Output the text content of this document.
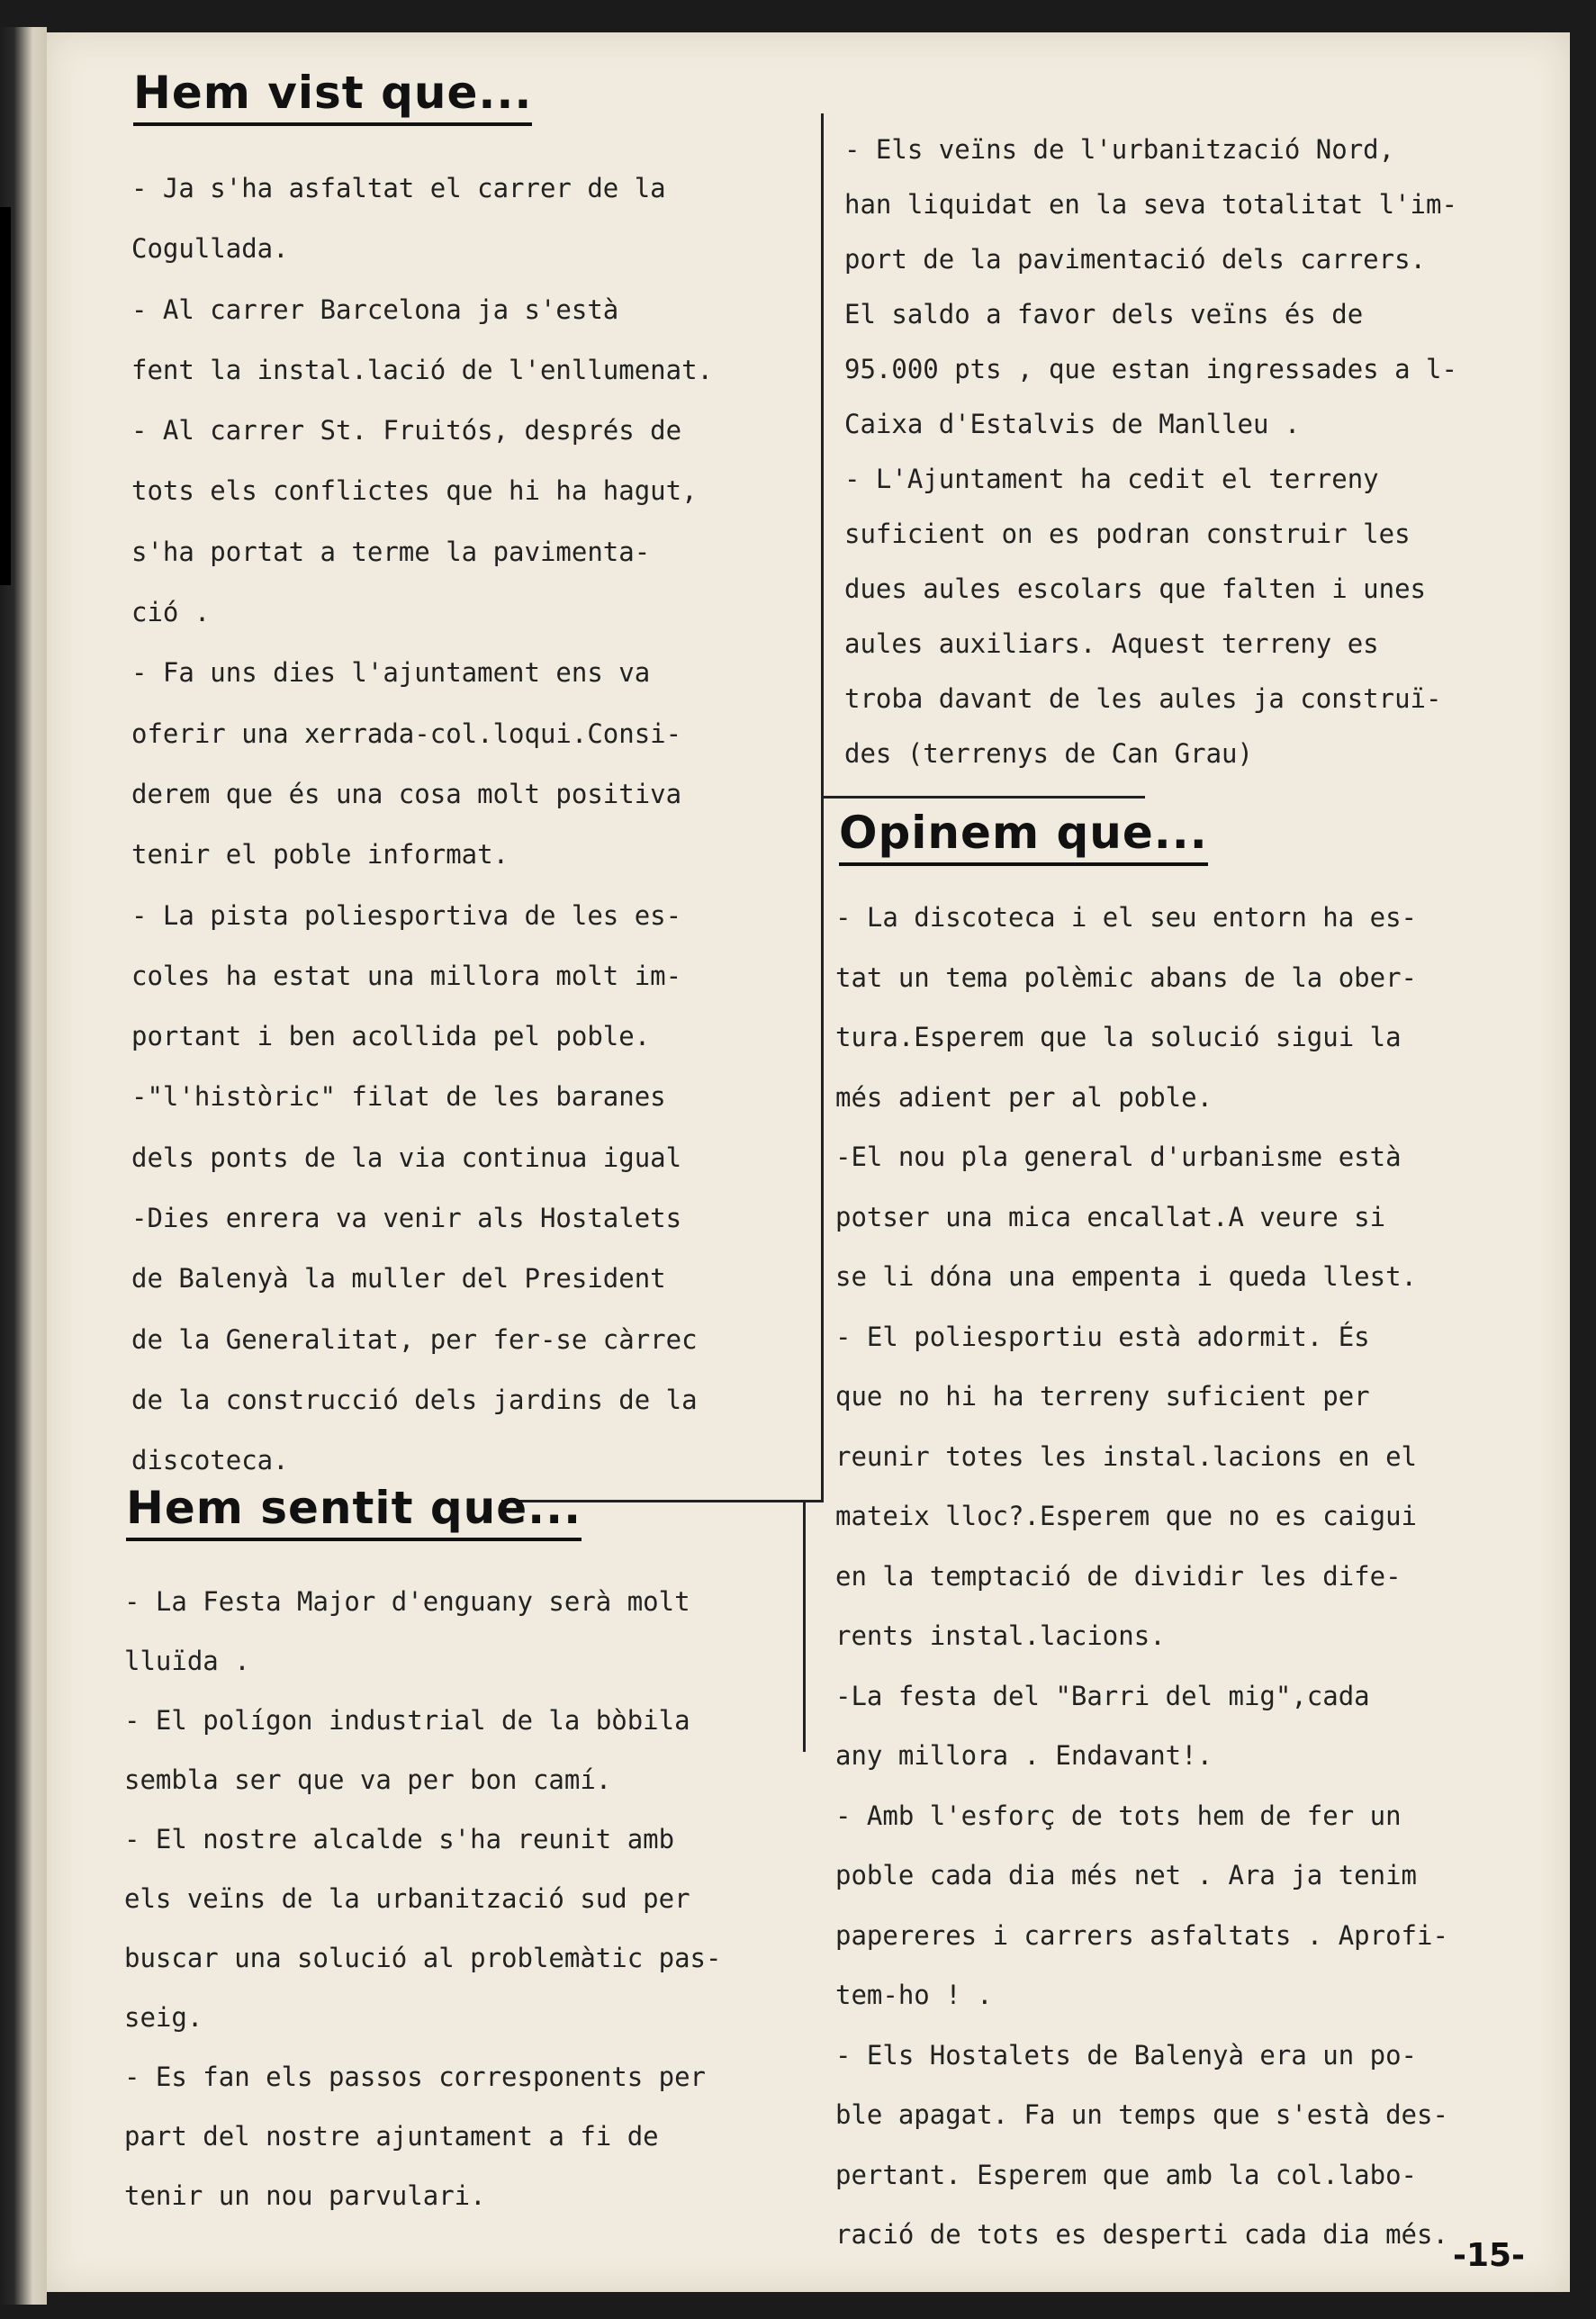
Hem vist que...
- Ja s'ha asfaltat el carrer de la
Cogullada.
- Al carrer Barcelona ja s'està
fent la instal.lació de l'enllumenat.
- Al carrer St. Fruitós, després de
tots els conflictes que hi ha hagut,
s'ha portat a terme la pavimenta-
ció .
- Fa uns dies l'ajuntament ens va
oferir una xerrada-col.loqui.Consi-
derem que és una cosa molt positiva
tenir el poble informat.
- La pista poliesportiva de les es-
coles ha estat una millora molt im-
portant i ben acollida pel poble.
-"l'històric" filat de les baranes
dels ponts de la via continua igual
-Dies enrera va venir als Hostalets
de Balenyà la muller del President
de la Generalitat, per fer-se càrrec
de la construcció dels jardins de la
discoteca.
Hem sentit que...
- La Festa Major d'enguany serà molt
lluïda .
- El polígon industrial de la bòbila
sembla ser que va per bon camí.
- El nostre alcalde s'ha reunit amb
els veïns de la urbanització sud per
buscar una solució al problemàtic pas-
seig.
- Es fan els passos corresponents per
part del nostre ajuntament a fi de
tenir un nou parvulari.
- Els veïns de l'urbanització Nord,
han liquidat en la seva totalitat l'im-
port de la pavimentació dels carrers.
El saldo a favor dels veïns és de
95.000 pts , que estan ingressades a l-
Caixa d'Estalvis de Manlleu .
- L'Ajuntament ha cedit el terreny
suficient on es podran construir les
dues aules escolars que falten i unes
aules auxiliars. Aquest terreny es
troba davant de les aules ja construï-
des (terrenys de Can Grau)
Opinem que...
- La discoteca i el seu entorn ha es-
tat un tema polèmic abans de la ober-
tura.Esperem que la solució sigui la
més adient per al poble.
-El nou pla general d'urbanisme està
potser una mica encallat.A veure si
se li dóna una empenta i queda llest.
- El poliesportiu està adormit. És
que no hi ha terreny suficient per
reunir totes les instal.lacions en el
mateix lloc?.Esperem que no es caigui
en la temptació de dividir les dife-
rents instal.lacions.
-La festa del "Barri del mig",cada
any millora . Endavant!.
- Amb l'esforç de tots hem de fer un
poble cada dia més net . Ara ja tenim
papereres i carrers asfaltats . Aprofi-
tem-ho ! .
- Els Hostalets de Balenyà era un po-
ble apagat. Fa un temps que s'està des-
pertant. Esperem que amb la col.labo-
ració de tots es desperti cada dia més.
-15-
